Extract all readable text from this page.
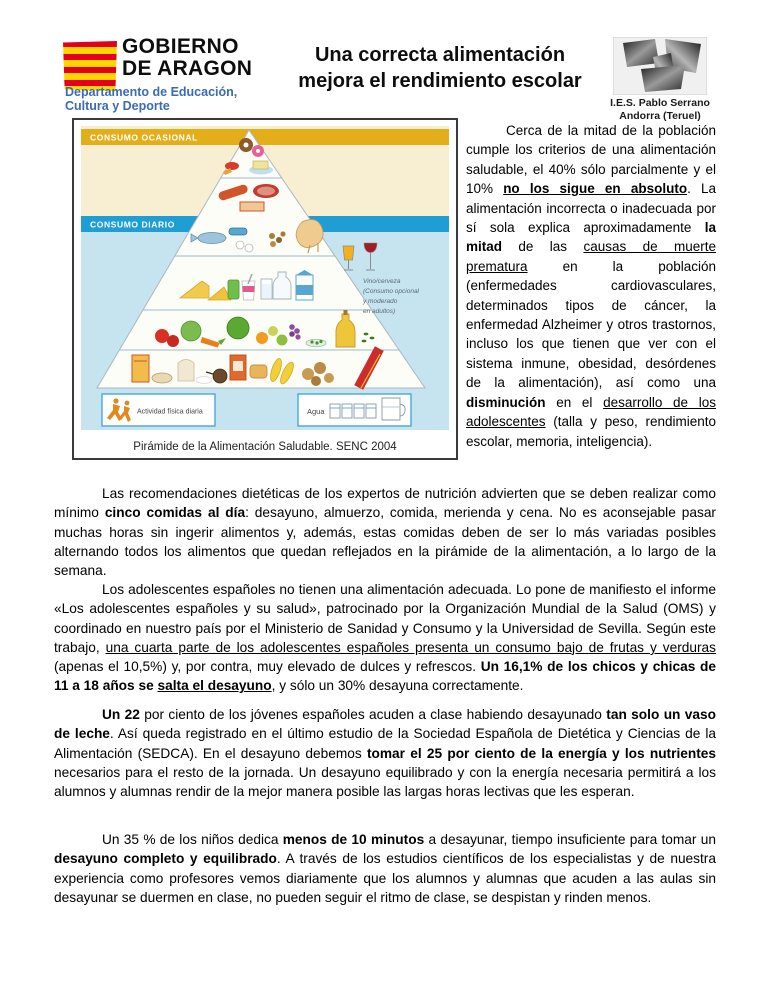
GOBIERNO
DE ARAGON
Departamento de Educación,
Cultura y Deporte
Una correcta alimentación
mejora el rendimiento escolar
I.E.S. Pablo Serrano
Andorra (Teruel)
CONSUMO OCASIONAL
CONSUMO DIARIO
Vino/cerveza
(Consumo opcional
y moderado
en adultos)
Actividad física diaria	Agua
Pirámide de la Alimentación Saludable. SENC 2004
Cerca de la mitad de la población cumple los criterios de una alimentación saludable, el 40% sólo parcialmente y el 10% no los sigue en absoluto. La alimentación incorrecta o inadecuada por sí sola explica aproximadamente la mitad de las causas de muerte prematura en la población (enfermedades cardiovasculares, determinados tipos de cáncer, la enfermedad Alzheimer y otros trastornos, incluso los que tienen que ver con el sistema inmune, obesidad, desórdenes de la alimentación), así como una disminución en el desarrollo de los adolescentes (talla y peso, rendimiento escolar, memoria, inteligencia).
Las recomendaciones dietéticas de los expertos de nutrición advierten que se deben realizar como mínimo cinco comidas al día: desayuno, almuerzo, comida, merienda y cena. No es aconsejable pasar muchas horas sin ingerir alimentos y, además, estas comidas deben de ser lo más variadas posibles alternando todos los alimentos que quedan reflejados en la pirámide de la alimentación, a lo largo de la semana.
Los adolescentes españoles no tienen una alimentación adecuada. Lo pone de manifiesto el informe «Los adolescentes españoles y su salud», patrocinado por la Organización Mundial de la Salud (OMS) y coordinado en nuestro país por el Ministerio de Sanidad y Consumo y la Universidad de Sevilla. Según este trabajo, una cuarta parte de los adolescentes españoles presenta un consumo bajo de frutas y verduras (apenas el 10,5%) y, por contra, muy elevado de dulces y refrescos. Un 16,1% de los chicos y chicas de 11 a 18 años se salta el desayuno, y sólo un 30% desayuna correctamente.
Un 22 por ciento de los jóvenes españoles acuden a clase habiendo desayunado tan solo un vaso de leche. Así queda registrado en el último estudio de la Sociedad Española de Dietética y Ciencias de la Alimentación (SEDCA). En el desayuno debemos tomar el 25 por ciento de la energía y los nutrientes necesarios para el resto de la jornada. Un desayuno equilibrado y con la energía necesaria permitirá a los alumnos y alumnas rendir de la mejor manera posible las largas horas lectivas que les esperan.
Un 35 % de los niños dedica menos de 10 minutos a desayunar, tiempo insuficiente para tomar un desayuno completo y equilibrado. A través de los estudios científicos de los especialistas y de nuestra experiencia como profesores vemos diariamente que los alumnos y alumnas que acuden a las aulas sin desayunar se duermen en clase, no pueden seguir el ritmo de clase, se despistan y rinden menos.
